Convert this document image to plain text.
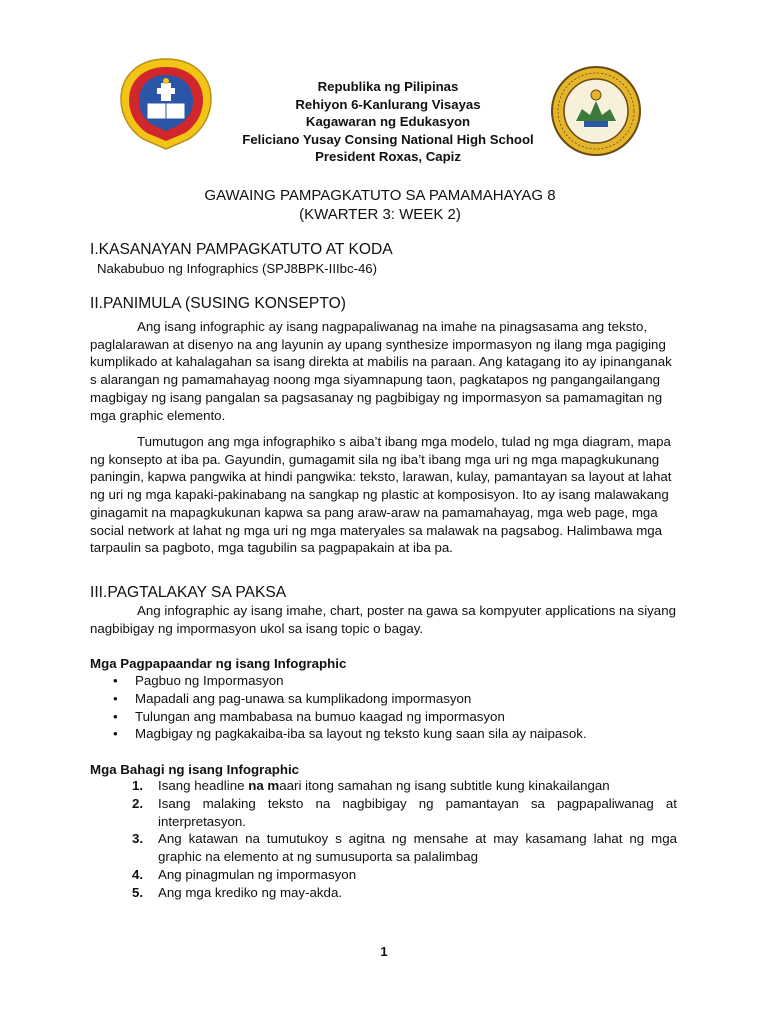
Republika ng Pilipinas
Rehiyon 6-Kanlurang Visayas
Kagawaran ng Edukasyon
Feliciano Yusay Consing National High School
President Roxas, Capiz
GAWAING PAMPAGKATUTO SA PAMAMAHAYAG 8
(KWARTER 3: WEEK 2)
I.KASANAYAN PAMPAGKATUTO AT KODA
Nakabubuo ng Infographics (SPJ8BPK-IIIbc-46)
II.PANIMULA (SUSING KONSEPTO)

Ang isang infographic ay isang nagpapaliwanag na imahe na pinagsasama ang teksto, paglalarawan at disenyo na ang layunin ay upang synthesize impormasyon ng ilang mga pagiging kumplikado at kahalagahan sa isang direkta at mabilis na paraan. Ang katagang ito ay ipinanganak s alarangan ng pamamahayag noong mga siyamnapung taon, pagkatapos ng pangangailangang magbigay ng isang pangalan sa pagsasanay ng pagbibigay ng impormasyon sa pamamagitan ng mga graphic elemento.

Tumutugon ang mga infographiko s aiba’t ibang mga modelo, tulad ng mga diagram, mapa ng konsepto at iba pa. Gayundin, gumagamit sila ng iba’t ibang mga uri ng mga mapagkukunang paningin, kapwa pangwika at hindi pangwika: teksto, larawan, kulay, pamantayan sa layout at lahat ng uri ng mga kapaki-pakinabang na sangkap ng plastic at komposisyon. Ito ay isang malawakang ginagamit na mapagkukunan kapwa sa pang araw-araw na pamamahayag, mga web page, mga social network at lahat ng mga uri ng mga materyales sa malawak na pagsabog. Halimbawa mga tarpaulin sa pagboto, mga tagubilin sa pagpapakain at iba pa.

III.PAGTALAKAY SA PAKSA

Ang infographic ay isang imahe, chart, poster na gawa sa kompyuter applications na siyang nagbibigay ng impormasyon ukol sa isang topic o bagay.

Mga Pagpapaandar ng isang Infographic
• Pagbuo ng Impormasyon
• Mapadali ang pag-unawa sa kumplikadong impormasyon
• Tulungan ang mambabasa na bumuo kaagad ng impormasyon
• Magbigay ng pagkakaiba-iba sa layout ng teksto kung saan sila ay naipasok.
Mga Bahagi ng isang Infographic
1. Isang headline na maari itong samahan ng isang subtitle kung kinakailangan
2. Isang malaking teksto na nagbibigay ng pamantayan sa pagpapaliwanag at interpretasyon.
3. Ang katawan na tumutukoy s agitna ng mensahe at may kasamang lahat ng mga graphic na elemento at ng sumusuporta sa palalimbag
4. Ang pinagmulan ng impormasyon
5. Ang mga krediko ng may-akda.
1
